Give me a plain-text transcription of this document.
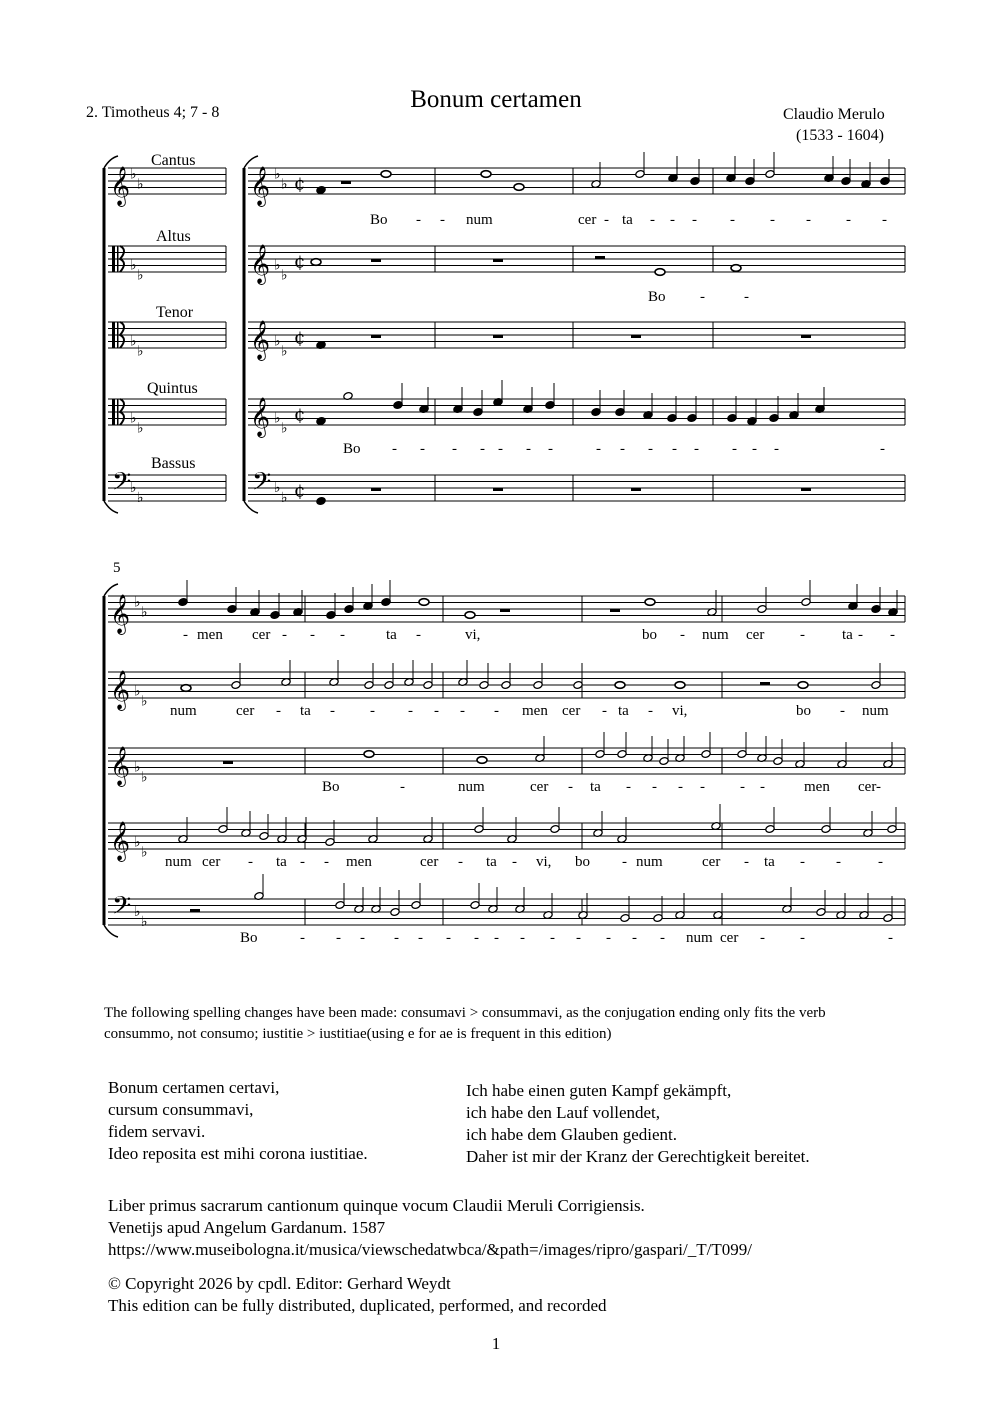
Bonum certamen
2. Timotheus 4; 7 - 8	Claudio Merulo
(1533 - 1604)
𝄞	𝄞
♭
♭
♭
♭ ¢
𝄞
♭
♭
♭
♭
¢
𝄞
♭
♭
♭
♭
¢
𝄞
♭
♭
♭
♭
¢
𝄢	𝄢
♭
♭
♭
♭ ¢
𝄞 ♭
♭
𝄞 ♭
♭
𝄞 ♭
♭
𝄞 ♭
♭
𝄢 ♭
♭
Cantus
Altus
Tenor
Quintus
Bassus
5
Bo - - num	cer - ta - - - - - - - -
Bo -	-
Bo - - - - - - -	- - - - - - - -	-
- men cer - - -	ta -	vi,	bo - num cer - ta - -
num	cer - ta - - - - - - men cer - ta - vi,	bo - num
Bo	-	num	cer - ta - - - - - -	men cer-
num cer - ta - - men	cer - ta - vi, bo - num	cer - ta - - -
Bo	- - - - - - - - - - - - - - num cer - -	-
The following spelling changes have been made: consumavi > consummavi, as the conjugation ending only fits the verb consummo, not consumo; iustitie > iustitiae(using e for ae is frequent in this edition)
Bonum certamen certavi,
cursum consummavi,
fidem servavi.
Ideo reposita est mihi corona iustitiae.
Ich habe einen guten Kampf gekämpft,
ich habe den Lauf vollendet,
ich habe dem Glauben gedient.
Daher ist mir der Kranz der Gerechtigkeit bereitet.
Liber primus sacrarum cantionum quinque vocum Claudii Meruli Corrigiensis.
Venetijs apud Angelum Gardanum. 1587
https://www.museibologna.it/musica/viewschedatwbca/&path=/images/ripro/gaspari/_T/T099/
© Copyright 2026 by cpdl. Editor: Gerhard Weydt
This edition can be fully distributed, duplicated, performed, and recorded
1
